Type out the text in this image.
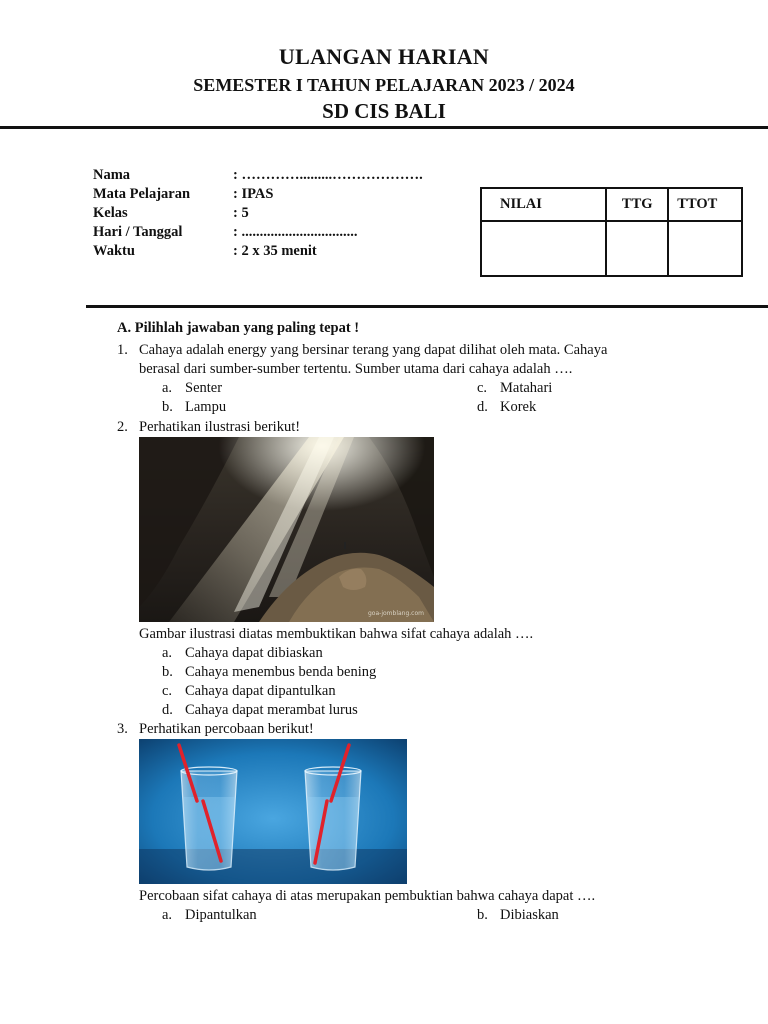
ULANGAN HARIAN
SEMESTER I TAHUN PELAJARAN 2023 / 2024
SD CIS BALI
Nama	: ………….........……………….
Mata Pelajaran	: IPAS
Kelas	: 5
Hari / Tanggal	: ................................
Waktu	: 2 x 35 menit
NILAI	TTG	TTOT

A. Pilihlah jawaban yang paling tepat !
1. Cahaya adalah energy yang bersinar terang yang dapat dilihat oleh mata. Cahaya
berasal dari sumber-sumber tertentu. Sumber utama dari cahaya adalah ….
a. Senter
b. Lampu
c. Matahari
d. Korek
2. Perhatikan ilustrasi berikut!
goa-jomblang.com
Gambar ilustrasi diatas membuktikan bahwa sifat cahaya adalah ….
a. Cahaya dapat dibiaskan
b. Cahaya menembus benda bening
c. Cahaya dapat dipantulkan
d. Cahaya dapat merambat lurus
3. Perhatikan percobaan berikut!
Percobaan sifat cahaya di atas merupakan pembuktian bahwa cahaya dapat ….
a. Dipantulkan	b. Dibiaskan
